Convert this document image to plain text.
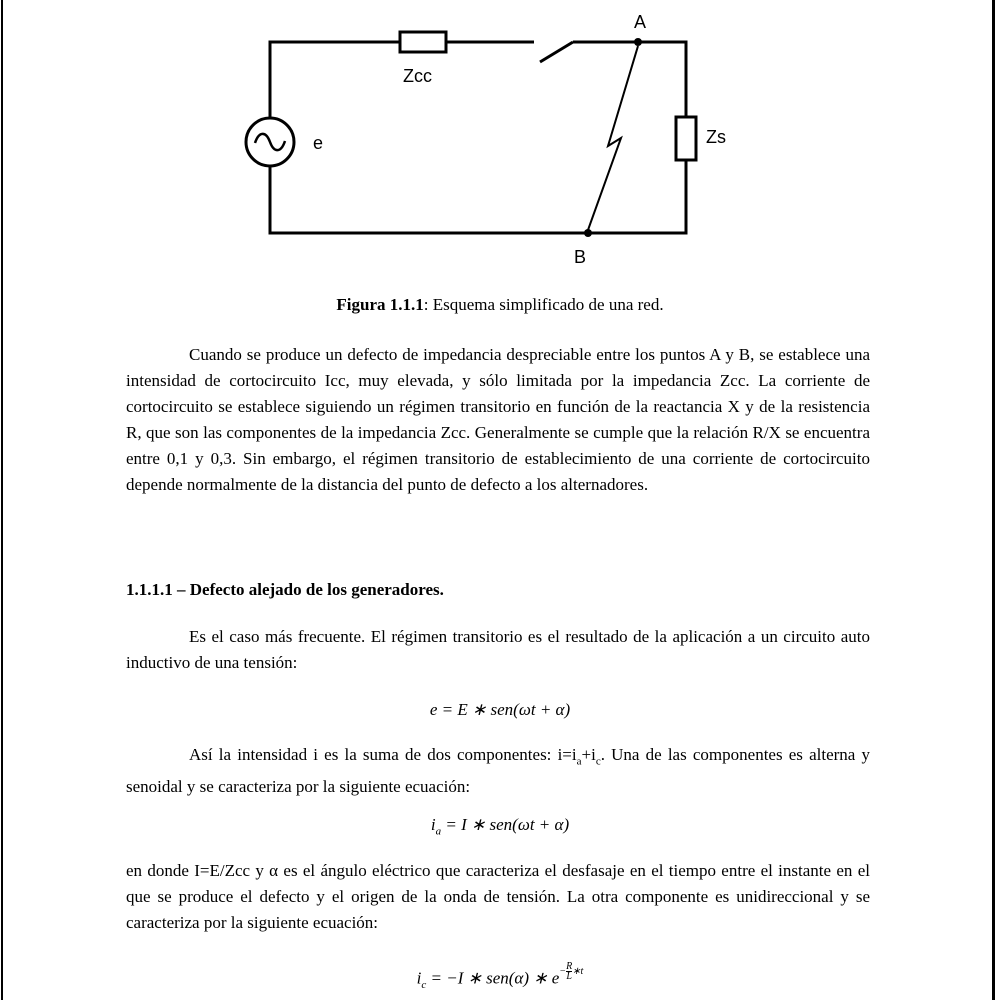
Zcc
e	Zs
A
B
Figura 1.1.1: Esquema simplificado de una red.

Cuando se produce un defecto de impedancia despreciable entre los puntos A y B, se establece una intensidad de cortocircuito Icc, muy elevada, y sólo limitada por la impedancia Zcc. La corriente de cortocircuito se establece siguiendo un régimen transitorio en función de la reactancia X y de la resistencia R, que son las componentes de la impedancia Zcc. Generalmente se cumple que la relación R/X se encuentra entre 0,1 y 0,3. Sin embargo, el régimen transitorio de establecimiento de una corriente de cortocircuito depende normalmente de la distancia del punto de defecto a los alternadores.

1.1.1.1 – Defecto alejado de los generadores.

Es el caso más frecuente. El régimen transitorio es el resultado de la aplicación a un circuito auto inductivo de una tensión:

e = E ∗ sen(ωt + α)

Así la intensidad i es la suma de dos componentes: $i=i_a+i_c$. Una de las componentes es alterna y senoidal y se caracteriza por la siguiente ecuación:

$i_a = I$ ∗ sen(ωt + α)

en donde I=E/Zcc y α es el ángulo eléctrico que caracteriza el desfasaje en el tiempo entre el instante en el que se produce el defecto y el origen de la onda de tensión. La otra componente es unidireccional y se caracteriza por la siguiente ecuación:

$i_c = -I$ ∗ sen(α) ∗ $e^{- \frac{R}{L} ∗t}$
